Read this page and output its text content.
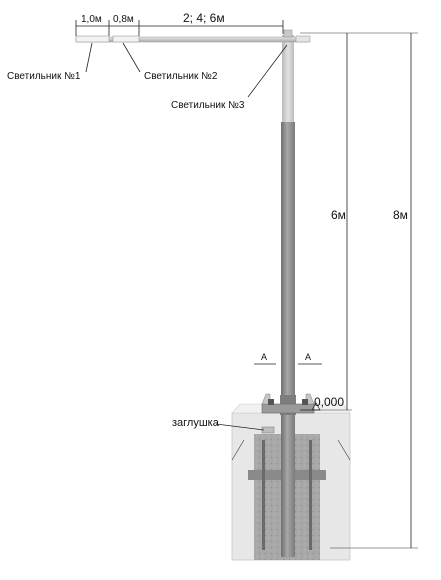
1,0м 0,8м	2; 4; 6м
Светильник №1	Светильник №2
Светильник №3
6м	8м
0,000
A	A
заглушка
